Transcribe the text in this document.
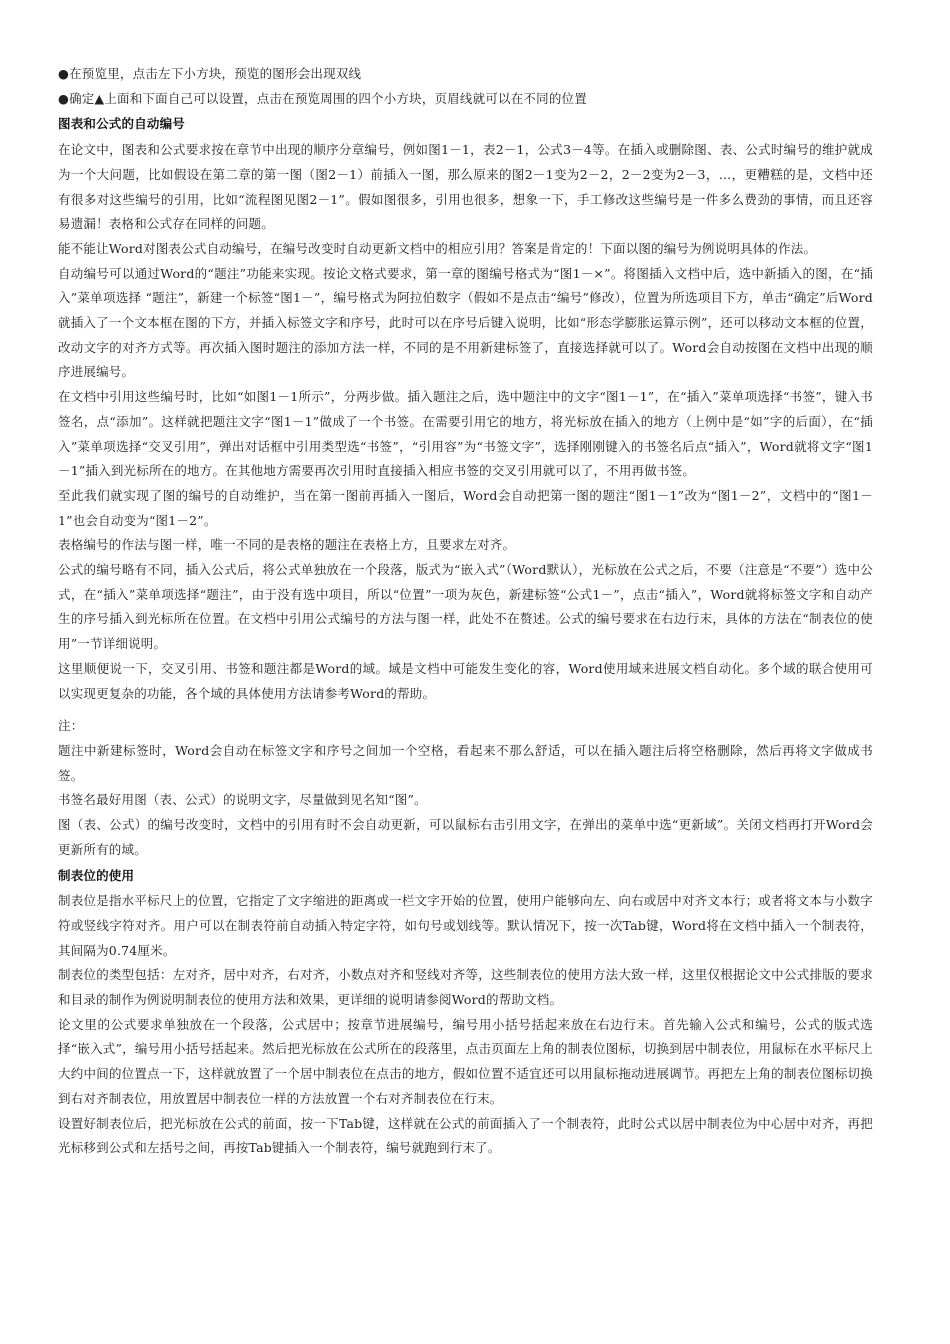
●在预览里，点击左下小方块，预览的图形会出现双线

●确定▲上面和下面自己可以设置，点击在预览周围的四个小方块，页眉线就可以在不同的位置

图表和公式的自动编号

在论文中，图表和公式要求按在章节中出现的顺序分章编号，例如图1－1，表2－1，公式3－4等。在插入或删除图、表、公式时编号的维护就成为一个大问题，比如假设在第二章的第一图（图2－1）前插入一图，那么原来的图2－1变为2－2，2－2变为2－3，…，更糟糕的是，文档中还有很多对这些编号的引用，比如“流程图见图2－1”。假如图很多，引用也很多，想象一下，手工修改这些编号是一件多么费劲的事情，而且还容易遗漏！表格和公式存在同样的问题。

能不能让Word对图表公式自动编号，在编号改变时自动更新文档中的相应引用？答案是肯定的！下面以图的编号为例说明具体的作法。

自动编号可以通过Word的“题注”功能来实现。按论文格式要求，第一章的图编号格式为“图1－×”。将图插入文档中后，选中新插入的图，在“插入”菜单项选择 “题注”，新建一个标签“图1－”，编号格式为阿拉伯数字（假如不是点击“编号”修改），位置为所选项目下方，单击“确定”后Word就插入了一个文本框在图的下方，并插入标签文字和序号，此时可以在序号后键入说明，比如“形态学膨胀运算示例”，还可以移动文本框的位置，改动文字的对齐方式等。再次插入图时题注的添加方法一样，不同的是不用新建标签了，直接选择就可以了。Word会自动按图在文档中出现的顺序进展编号。

在文档中引用这些编号时，比如“如图1－1所示”，分两步做。插入题注之后，选中题注中的文字“图1－1”，在“插入”菜单项选择“书签”，键入书签名，点“添加”。这样就把题注文字“图1－1”做成了一个书签。在需要引用它的地方，将光标放在插入的地方（上例中是“如”字的后面），在“插入”菜单项选择“交叉引用”，弹出对话框中引用类型选“书签”，“引用容”为“书签文字”，选择刚刚键入的书签名后点“插入”，Word就将文字“图1－1”插入到光标所在的地方。在其他地方需要再次引用时直接插入相应书签的交叉引用就可以了，不用再做书签。

至此我们就实现了图的编号的自动维护，当在第一图前再插入一图后，Word会自动把第一图的题注“图1－1”改为“图1－2”，文档中的“图1－1”也会自动变为“图1－2”。

表格编号的作法与图一样，唯一不同的是表格的题注在表格上方，且要求左对齐。

公式的编号略有不同，插入公式后，将公式单独放在一个段落，版式为“嵌入式”（Word默认），光标放在公式之后，不要（注意是“不要”）选中公式，在“插入”菜单项选择“题注”，由于没有选中项目，所以“位置”一项为灰色，新建标签“公式1－”，点击“插入”，Word就将标签文字和自动产生的序号插入到光标所在位置。在文档中引用公式编号的方法与图一样，此处不在赘述。公式的编号要求在右边行末，具体的方法在“制表位的使用”一节详细说明。

这里顺便说一下，交叉引用、书签和题注都是Word的域。域是文档中可能发生变化的容，Word使用域来进展文档自动化。多个域的联合使用可以实现更复杂的功能，各个域的具体使用方法请参考Word的帮助。

注：

题注中新建标签时，Word会自动在标签文字和序号之间加一个空格，看起来不那么舒适，可以在插入题注后将空格删除，然后再将文字做成书签。

书签名最好用图（表、公式）的说明文字，尽量做到见名知“图”。

图（表、公式）的编号改变时，文档中的引用有时不会自动更新，可以鼠标右击引用文字，在弹出的菜单中选“更新域”。关闭文档再打开Word会更新所有的域。

制表位的使用

制表位是指水平标尺上的位置，它指定了文字缩进的距离或一栏文字开始的位置，使用户能够向左、向右或居中对齐文本行；或者将文本与小数字符或竖线字符对齐。用户可以在制表符前自动插入特定字符，如句号或划线等。默认情况下，按一次Tab键，Word将在文档中插入一个制表符，其间隔为0.74厘米。

制表位的类型包括：左对齐，居中对齐，右对齐，小数点对齐和竖线对齐等，这些制表位的使用方法大致一样，这里仅根据论文中公式排版的要求和目录的制作为例说明制表位的使用方法和效果，更详细的说明请参阅Word的帮助文档。

论文里的公式要求单独放在一个段落，公式居中；按章节进展编号，编号用小括号括起来放在右边行末。首先输入公式和编号，公式的版式选择“嵌入式”，编号用小括号括起来。然后把光标放在公式所在的段落里，点击页面左上角的制表位图标，切换到居中制表位，用鼠标在水平标尺上大约中间的位置点一下，这样就放置了一个居中制表位在点击的地方，假如位置不适宜还可以用鼠标拖动进展调节。再把左上角的制表位图标切换到右对齐制表位，用放置居中制表位一样的方法放置一个右对齐制表位在行末。

设置好制表位后，把光标放在公式的前面，按一下Tab键，这样就在公式的前面插入了一个制表符，此时公式以居中制表位为中心居中对齐，再把光标移到公式和左括号之间，再按Tab键插入一个制表符，编号就跑到行末了。
